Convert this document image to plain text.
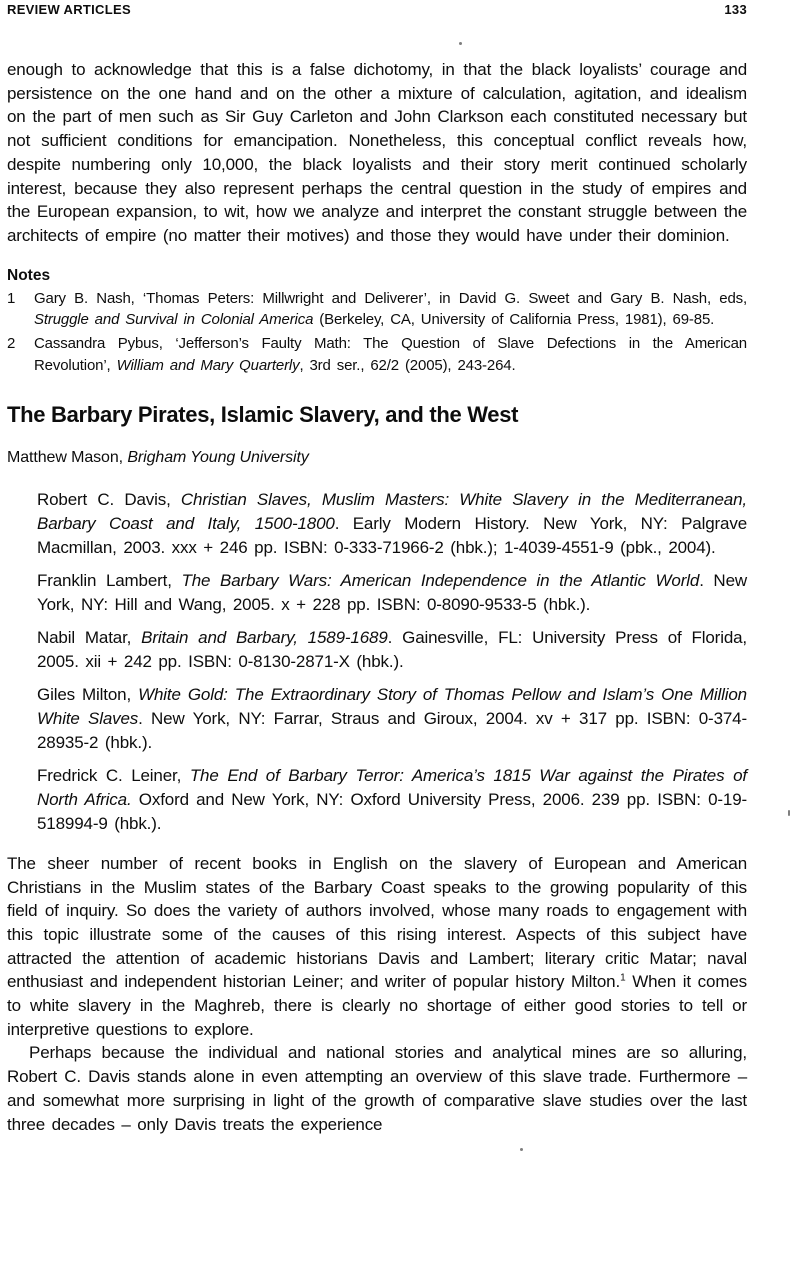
REVIEW ARTICLES	133

enough to acknowledge that this is a false dichotomy, in that the black loyalists’ courage and persistence on the one hand and on the other a mixture of calculation, agitation, and idealism on the part of men such as Sir Guy Carleton and John Clarkson each constituted necessary but not sufficient conditions for emancipation. Nonetheless, this conceptual conflict reveals how, despite numbering only 10,000, the black loyalists and their story merit continued scholarly interest, because they also represent perhaps the central question in the study of empires and the European expansion, to wit, how we analyze and interpret the constant struggle between the architects of empire (no matter their motives) and those they would have under their dominion.

Notes
1	Gary B. Nash, ‘Thomas Peters: Millwright and Deliverer’, in David G. Sweet and Gary B. Nash, eds, Struggle and Survival in Colonial America (Berkeley, CA, University of California Press, 1981), 69-85.
2	Cassandra Pybus, ‘Jefferson’s Faulty Math: The Question of Slave Defections in the American Revolution’, William and Mary Quarterly, 3rd ser., 62/2 (2005), 243-264.
The Barbary Pirates, Islamic Slavery, and the West
Matthew Mason, Brigham Young University

Robert C. Davis, Christian Slaves, Muslim Masters: White Slavery in the Mediterranean, Barbary Coast and Italy, 1500-1800. Early Modern History. New York, NY: Palgrave Macmillan, 2003. xxx + 246 pp. ISBN: 0-333-71966-2 (hbk.); 1-4039-4551-9 (pbk., 2004).

Franklin Lambert, The Barbary Wars: American Independence in the Atlantic World. New York, NY: Hill and Wang, 2005. x + 228 pp. ISBN: 0-8090-9533-5 (hbk.).

Nabil Matar, Britain and Barbary, 1589-1689. Gainesville, FL: University Press of Florida, 2005. xii + 242 pp. ISBN: 0-8130-2871-X (hbk.).

Giles Milton, White Gold: The Extraordinary Story of Thomas Pellow and Islam’s One Million White Slaves. New York, NY: Farrar, Straus and Giroux, 2004. xv + 317 pp. ISBN: 0-374-28935-2 (hbk.).

Fredrick C. Leiner, The End of Barbary Terror: America’s 1815 War against the Pirates of North Africa. Oxford and New York, NY: Oxford University Press, 2006. 239 pp. ISBN: 0-19-518994-9 (hbk.).

The sheer number of recent books in English on the slavery of European and American Christians in the Muslim states of the Barbary Coast speaks to the growing popularity of this field of inquiry. So does the variety of authors involved, whose many roads to engagement with this topic illustrate some of the causes of this rising interest. Aspects of this subject have attracted the attention of academic historians Davis and Lambert; literary critic Matar; naval enthusiast and independent historian Leiner; and writer of popular history Milton.$^1$ When it comes to white slavery in the Maghreb, there is clearly no shortage of either good stories to tell or interpretive questions to explore.

Perhaps because the individual and national stories and analytical mines are so alluring, Robert C. Davis stands alone in even attempting an overview of this slave trade. Furthermore – and somewhat more surprising in light of the growth of comparative slave studies over the last three decades – only Davis treats the experience
